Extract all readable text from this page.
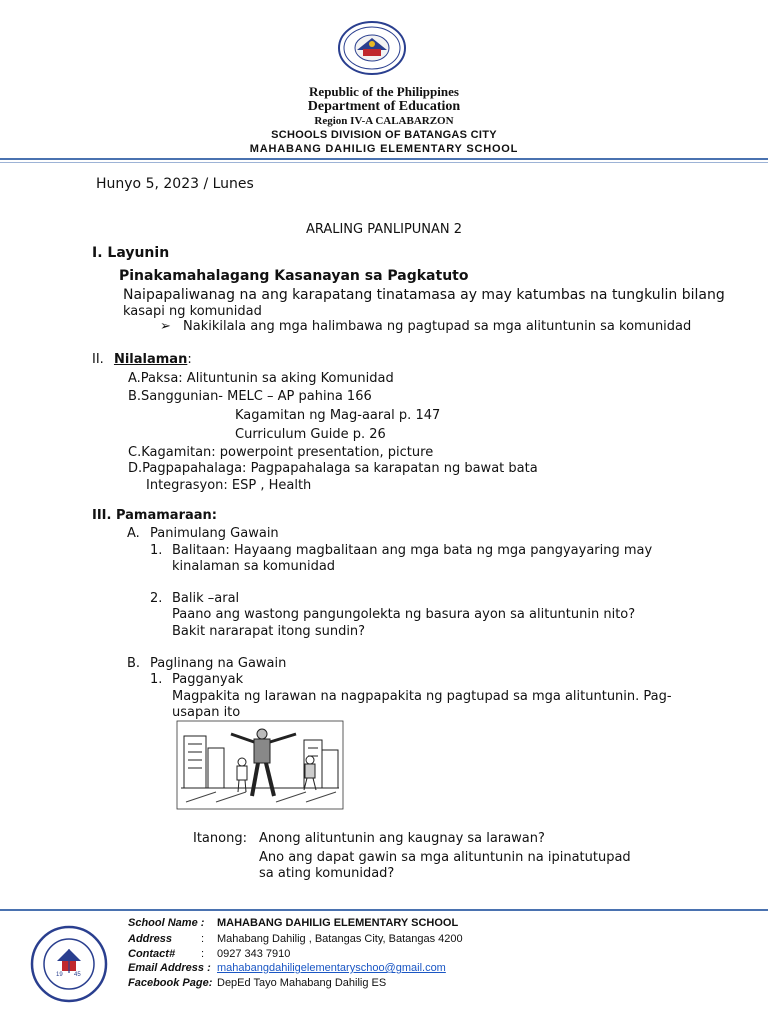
Republic of the Philippines
Department of Education
Region IV-A CALABARZON
SCHOOLS DIVISION OF BATANGAS CITY
MAHABANG DAHILIG ELEMENTARY SCHOOL
Hunyo 5, 2023 / Lunes
ARALING PANLIPUNAN 2
I. Layunin
Pinakamahalagang Kasanayan sa Pagkatuto
Naipapaliwanag na ang karapatang tinatamasa ay may katumbas na tungkulin bilang
kasapi ng komunidad
➢ Nakikilala ang mga halimbawa ng pagtupad sa mga alituntunin sa komunidad
II. Nilalaman:
A.Paksa: Alituntunin sa aking Komunidad
B.Sanggunian- MELC – AP pahina 166
Kagamitan ng Mag-aaral p. 147
Curriculum Guide p. 26
C.Kagamitan: powerpoint presentation, picture
D.Pagpapahalaga: Pagpapahalaga sa karapatan ng bawat bata
Integrasyon: ESP , Health
III. Pamamaraan:
A. Panimulang Gawain
1. Balitaan: Hayaang magbalitaan ang mga bata ng mga pangyayaring may
kinalaman sa komunidad
2. Balik –aral
Paano ang wastong pangungolekta ng basura ayon sa alituntunin nito?
Bakit nararapat itong sundin?
B. Paglinang na Gawain
1. Pagganyak
Magpakita ng larawan na nagpapakita ng pagtupad sa mga alituntunin. Pag-
usapan ito
Itanong: Anong alituntunin ang kaugnay sa larawan?
Ano ang dapat gawin sa mga alituntunin na ipinatutupad
sa ating komunidad?
19 45
School Name : MAHABANG DAHILIG ELEMENTARY SCHOOL
Address	: Mahabang Dahilig , Batangas City, Batangas 4200
Contact# : 0927 343 7910
Email Address : mahabangdahiligelementaryschoo@gmail.com
Facebook Page: DepEd Tayo Mahabang Dahilig ES
